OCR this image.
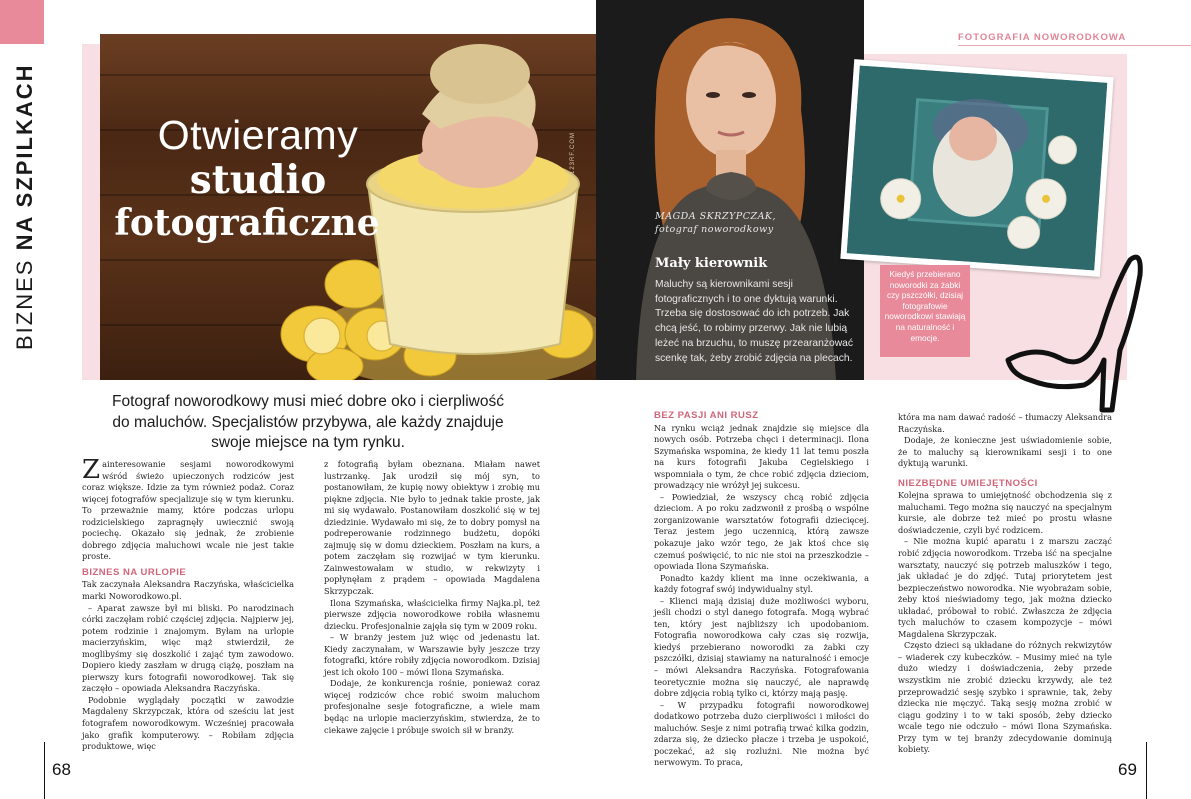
BIZNES NA SZPILKACH	123RF.COM
Otwieramy
studio
fotograficzne
Fotograf noworodkowy musi mieć dobre oko i cierpliwość do maluchów. Specjalistów przybywa, ale każdy znajduje swoje miejsce na tym rynku.

Zainteresowanie sesjami noworodkowymi wśród świeżo upieczonych rodziców jest coraz większe. Idzie za tym również podaż. Coraz więcej fotografów specjalizuje się w tym kierunku. To przeważnie mamy, które podczas urlopu rodzicielskiego zapragnęły uwiecznić swoją pociechę. Okazało się jednak, że zrobienie dobrego zdjęcia maluchowi wcale nie jest takie proste.

BIZNES NA URLOPIE

Tak zaczynała Aleksandra Raczyńska, właścicielka marki Noworodkowo.pl.

– Aparat zawsze był mi bliski. Po narodzinach córki zaczęłam robić częściej zdjęcia. Najpierw jej, potem rodzinie i znajomym. Byłam na urlopie macierzyńskim, więc mąż stwierdził, że moglibyśmy się doszkolić i zająć tym zawodowo. Dopiero kiedy zaszłam w drugą ciążę, poszłam na pierwszy kurs fotografii noworodkowej. Tak się zaczęło – opowiada Aleksandra Raczyńska.

Podobnie wyglądały początki w zawodzie Magdaleny Skrzypczak, która od sześciu lat jest fotografem noworodkowym. Wcześniej pracowała jako grafik komputerowy. – Robiłam zdjęcia produktowe, więc

z fotografią byłam obeznana. Miałam nawet lustrzankę. Jak urodził się mój syn, to postanowiłam, że kupię nowy obiektyw i zrobię mu piękne zdjęcia. Nie było to jednak takie proste, jak mi się wydawało. Postanowiłam doszkolić się w tej dziedzinie. Wydawało mi się, że to dobry pomysł na podreperowanie rodzinnego budżetu, dopóki zajmuję się w domu dzieckiem. Poszłam na kurs, a potem zaczęłam się rozwijać w tym kierunku. Zainwestowałam w studio, w rekwizyty i popłynęłam z prądem – opowiada Magdalena Skrzypczak.

Ilona Szymańska, właścicielka firmy Najka.pl, też pierwsze zdjęcia noworodkowe robiła własnemu dziecku. Profesjonalnie zajęła się tym w 2009 roku.

– W branży jestem już więc od jedenastu lat. Kiedy zaczynałam, w Warszawie były jeszcze trzy fotografki, które robiły zdjęcia noworodkom. Dzisiaj jest ich około 100 – mówi Ilona Szymańska.

Dodaje, że konkurencja rośnie, ponieważ coraz więcej rodziców chce robić swoim maluchom profesjonalne sesje fotograficzne, a wiele mam będąc na urlopie macierzyńskim, stwierdza, że to ciekawe zajęcie i próbuje swoich sił w branży.

68
MAGDA SKRZYPCZAK,
fotograf noworodkowy
Mały kierownik
Maluchy są kierownikami sesji fotograficznych i to one dyktują warunki. Trzeba się dostosować do ich potrzeb. Jak chcą jeść, to robimy przerwy. Jak nie lubią leżeć na brzuchu, to muszę przearanżować scenkę tak, żeby zrobić zdjęcia na plecach.
FOTOGRAFIA NOWORODKOWA
Kiedyś przebierano noworodki za żabki czy pszczółki, dzisiaj fotografowie noworodkowi stawiają na naturalność i emocje.
BEZ PASJI ANI RUSZ

Na rynku wciąż jednak znajdzie się miejsce dla nowych osób. Potrzeba chęci i determinacji. Ilona Szymańska wspomina, że kiedy 11 lat temu poszła na kurs fotografii Jakuba Cegielskiego i wspomniała o tym, że chce robić zdjęcia dzieciom, prowadzący nie wróżył jej sukcesu.

– Powiedział, że wszyscy chcą robić zdjęcia dzieciom. A po roku zadzwonił z prośbą o wspólne zorganizowanie warsztatów fotografii dziecięcej. Teraz jestem jego uczennicą, którą zawsze pokazuje jako wzór tego, że jak ktoś chce się czemuś poświęcić, to nic nie stoi na przeszkodzie – opowiada Ilona Szymańska.

Ponadto każdy klient ma inne oczekiwania, a każdy fotograf swój indywidualny styl.

– Klienci mają dzisiaj duże możliwości wyboru, jeśli chodzi o styl danego fotografa. Mogą wybrać ten, który jest najbliższy ich upodobaniom. Fotografia noworodkowa cały czas się rozwija, kiedyś przebierano noworodki za żabki czy pszczółki, dzisiaj stawiamy na naturalność i emocje – mówi Aleksandra Raczyńska. Fotografowania teoretycznie można się nauczyć, ale naprawdę dobre zdjęcia robią tylko ci, którzy mają pasję.

– W przypadku fotografii noworodkowej dodatkowo potrzeba dużo cierpliwości i miłości do maluchów. Sesje z nimi potrafią trwać kilka godzin, zdarza się, że dziecko płacze i trzeba je uspokoić, poczekać, aż się rozluźni. Nie można być nerwowym. To praca,

która ma nam dawać radość – tłumaczy Aleksandra Raczyńska.

Dodaje, że konieczne jest uświadomienie sobie, że to maluchy są kierownikami sesji i to one dyktują warunki.

NIEZBĘDNE UMIEJĘTNOŚCI

Kolejna sprawa to umiejętność obchodzenia się z maluchami. Tego można się nauczyć na specjalnym kursie, ale dobrze też mieć po prostu własne doświadczenie, czyli być rodzicem.

– Nie można kupić aparatu i z marszu zacząć robić zdjęcia noworodkom. Trzeba iść na specjalne warsztaty, nauczyć się potrzeb maluszków i tego, jak układać je do zdjęć. Tutaj priorytetem jest bezpieczeństwo noworodka. Nie wyobrażam sobie, żeby ktoś nieświadomy tego, jak można dziecko układać, próbował to robić. Zwłaszcza że zdjęcia tych maluchów to czasem kompozycje – mówi Magdalena Skrzypczak.

Często dzieci są układane do różnych rekwizytów – wiaderek czy kubeczków. – Musimy mieć na tyle dużo wiedzy i doświadczenia, żeby przede wszystkim nie zrobić dziecku krzywdy, ale też przeprowadzić sesję szybko i sprawnie, tak, żeby dziecka nie męczyć. Taką sesję można zrobić w ciągu godziny i to w taki sposób, żeby dziecko wcale tego nie odczuło – mówi Ilona Szymańska. Przy tym w tej branży zdecydowanie dominują kobiety.

69
